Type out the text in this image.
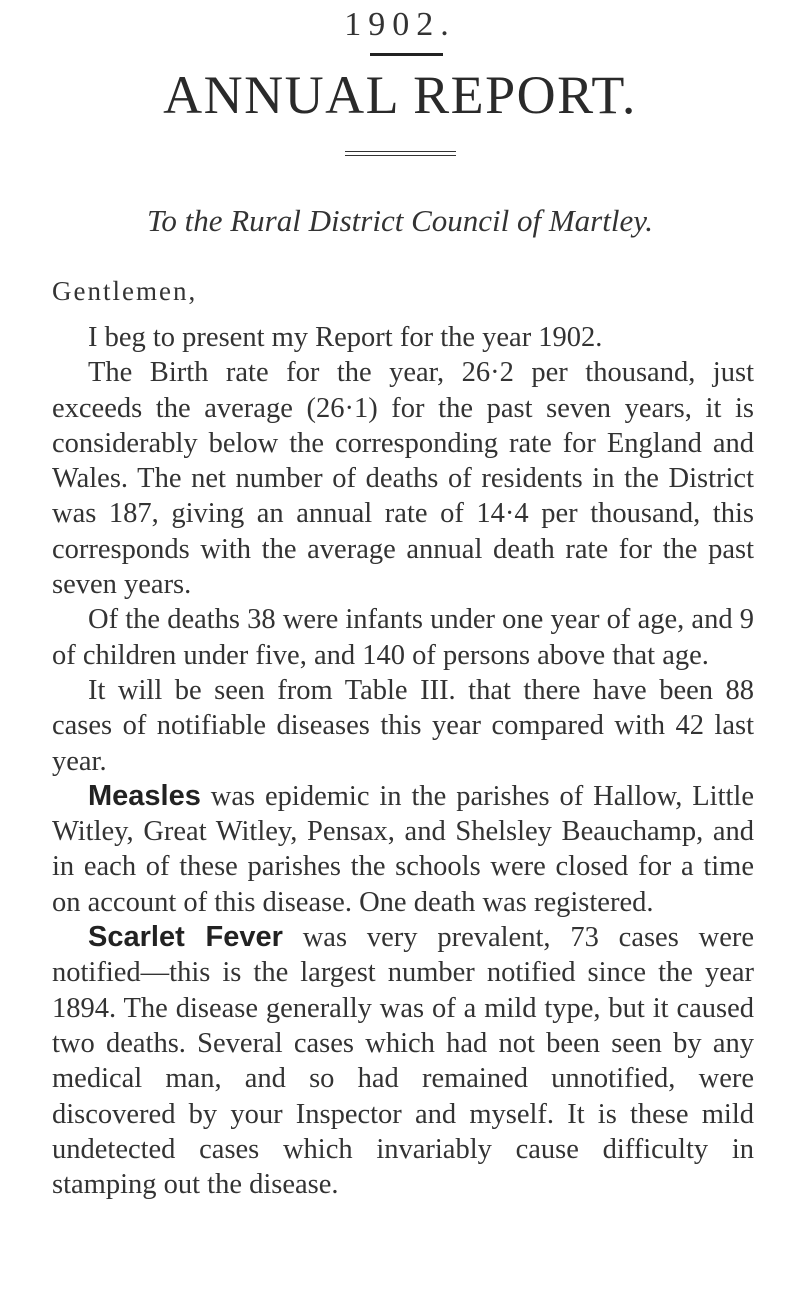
1902.
ANNUAL REPORT.
To the Rural District Council of Martley.
Gentlemen,

I beg to present my Report for the year 1902.

The Birth rate for the year, 26·2 per thousand, just exceeds the average (26·1) for the past seven years, it is considerably below the corresponding rate for England and Wales. The net number of deaths of residents in the District was 187, giving an annual rate of 14·4 per thousand, this corresponds with the average annual death rate for the past seven years.

Of the deaths 38 were infants under one year of age, and 9 of children under five, and 140 of persons above that age.

It will be seen from Table III. that there have been 88 cases of notifiable diseases this year compared with 42 last year.

Measles was epidemic in the parishes of Hallow, Little Witley, Great Witley, Pensax, and Shelsley Beauchamp, and in each of these parishes the schools were closed for a time on account of this disease. One death was registered.

Scarlet Fever was very prevalent, 73 cases were notified—this is the largest number notified since the year 1894. The disease generally was of a mild type, but it caused two deaths. Several cases which had not been seen by any medical man, and so had remained unnotified, were discovered by your Inspector and myself. It is these mild undetected cases which invariably cause difficulty in stamping out the disease.
